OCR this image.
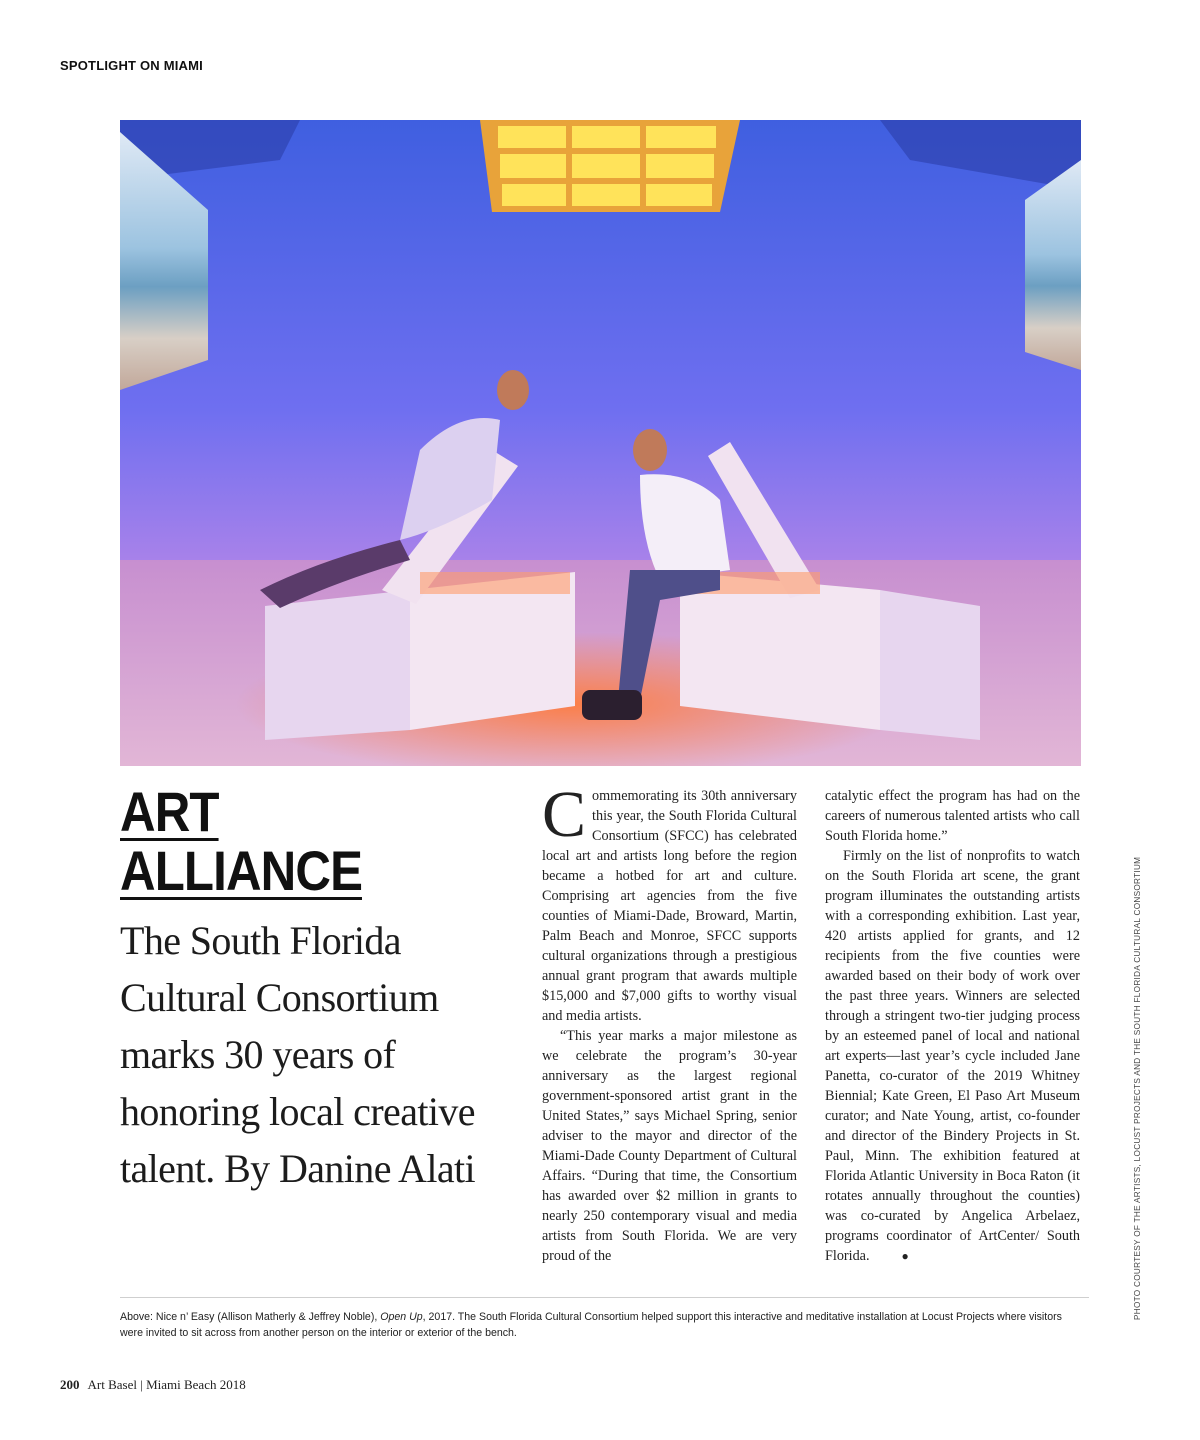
SPOTLIGHT ON MIAMI
ART
ALLIANCE
The South Florida Cultural Consortium marks 30 years of honoring local creative talent. By Danine Alati

Commemorating its 30th anniversary this year, the South Florida Cultural Consortium (SFCC) has celebrated local art and artists long before the region became a hotbed for art and culture. Comprising art agencies from the five counties of Miami-Dade, Broward, Martin, Palm Beach and Monroe, SFCC supports cultural organizations through a prestigious annual grant program that awards multiple $15,000 and $7,000 gifts to worthy visual and media artists.

“This year marks a major milestone as we celebrate the program’s 30-year anniversary as the largest regional government-sponsored artist grant in the United States,” says Michael Spring, senior adviser to the mayor and director of the Miami-Dade County Department of Cultural Affairs. “During that time, the Consortium has awarded over $2 million in grants to nearly 250 contemporary visual and media artists from South Florida. We are very proud of the

catalytic effect the program has had on the careers of numerous talented artists who call South Florida home.”

Firmly on the list of nonprofits to watch on the South Florida art scene, the grant program illuminates the outstanding artists with a corresponding exhibition. Last year, 420 artists applied for grants, and 12 recipients from the five counties were awarded based on their body of work over the past three years. Winners are selected through a stringent two-tier judging process by an esteemed panel of local and national art experts—last year’s cycle included Jane Panetta, co-curator of the 2019 Whitney Biennial; Kate Green, El Paso Art Museum curator; and Nate Young, artist, co-founder and director of the Bindery Projects in St. Paul, Minn. The exhibition featured at Florida Atlantic University in Boca Raton (it rotates annually throughout the counties) was co-curated by Angelica Arbelaez, programs coordinator of ArtCenter/ South Florida.	●

Above: Nice n’ Easy (Allison Matherly & Jeffrey Noble), Open Up, 2017. The South Florida Cultural Consortium helped support this interactive and meditative installation at Locust Projects where visitors were invited to sit across from another person on the interior or exterior of the bench.
PHOTO COURTESY OF THE ARTISTS, LOCUST PROJECTS AND THE SOUTH FLORIDA CULTURAL CONSORTIUM
200 Art Basel | Miami Beach 2018
